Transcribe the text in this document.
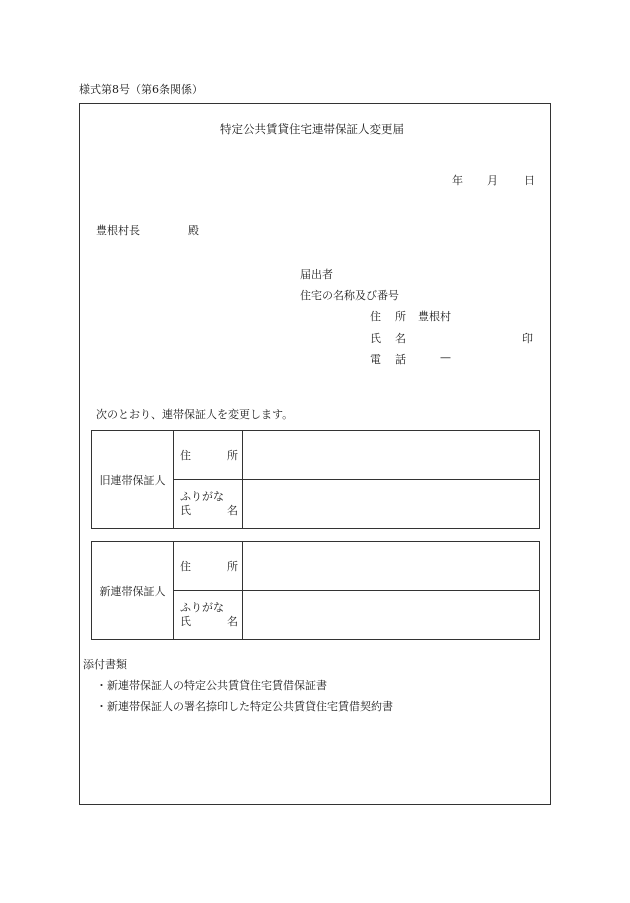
様式第8号（第6条関係）
特定公共賃貸住宅連帯保証人変更届
年 月 日
豊根村長	殿
届出者
住宅の名称及び番号
住 所 豊根村
氏 名	印
電 話	—
次のとおり、連帯保証人を変更します。
旧連帯保証人	住 所	

	ふりがな
氏 名	

新連帯保証人	住 所	

	ふりがな
氏 名	

添付書類
・新連帯保証人の特定公共賃貸住宅賃借保証書
・新連帯保証人の署名捺印した特定公共賃貸住宅賃借契約書
